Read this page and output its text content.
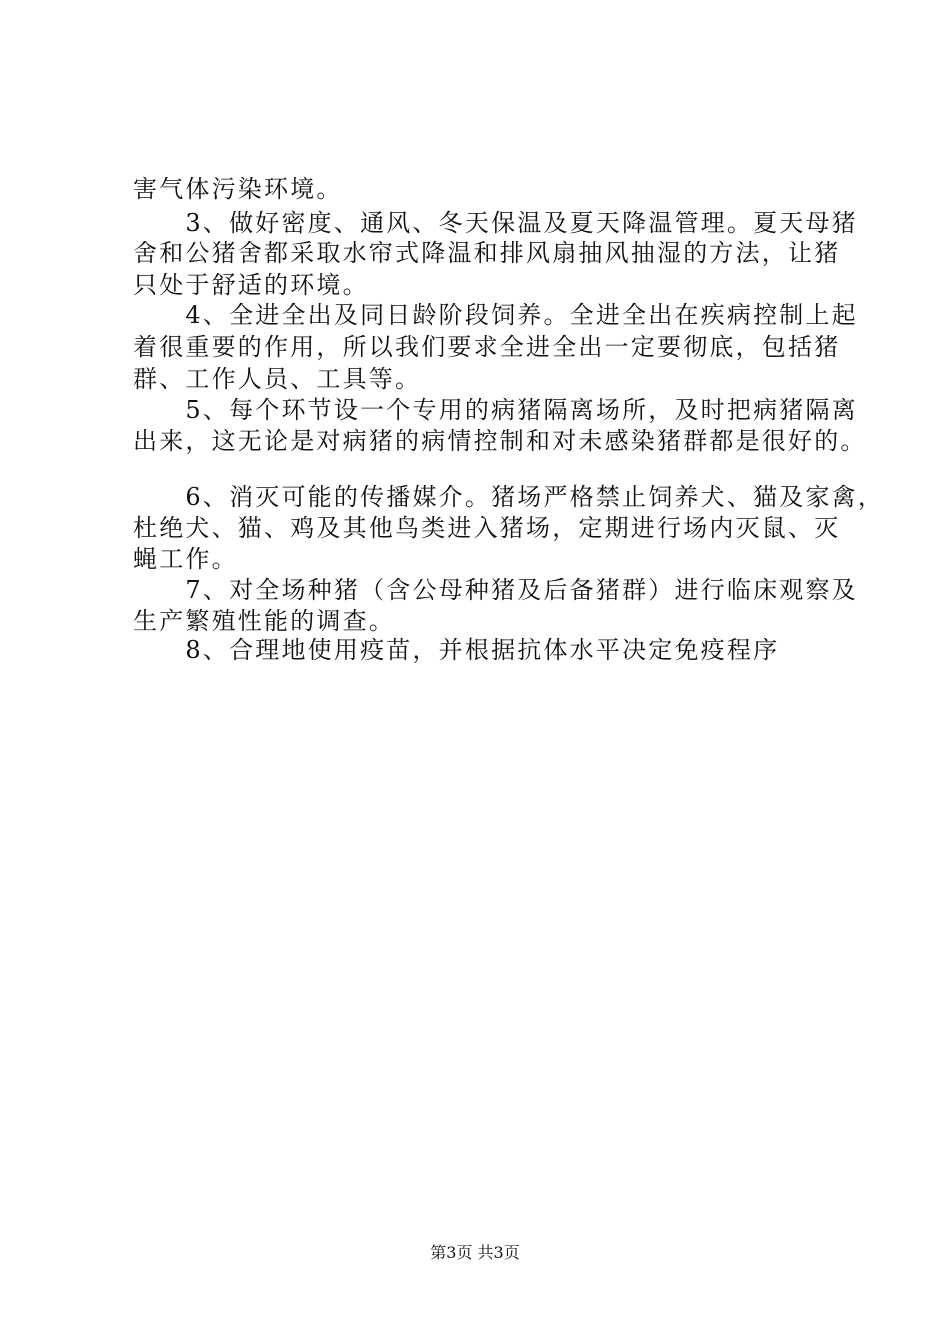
害气体污染环境。
　　3、做好密度、通风、冬天保温及夏天降温管理。夏天母猪
舍和公猪舍都采取水帘式降温和排风扇抽风抽湿的方法，让猪
只处于舒适的环境。
　　4、全进全出及同日龄阶段饲养。全进全出在疾病控制上起
着很重要的作用，所以我们要求全进全出一定要彻底，包括猪
群、工作人员、工具等。
　　5、每个环节设一个专用的病猪隔离场所，及时把病猪隔离
出来，这无论是对病猪的病情控制和对未感染猪群都是很好的。
　　6、消灭可能的传播媒介。猪场严格禁止饲养犬、猫及家禽，
杜绝犬、猫、鸡及其他鸟类进入猪场，定期进行场内灭鼠、灭
蝇工作。
　　7、对全场种猪（含公母种猪及后备猪群）进行临床观察及
生产繁殖性能的调查。
　　8、合理地使用疫苗，并根据抗体水平决定免疫程序
第3页 共3页
